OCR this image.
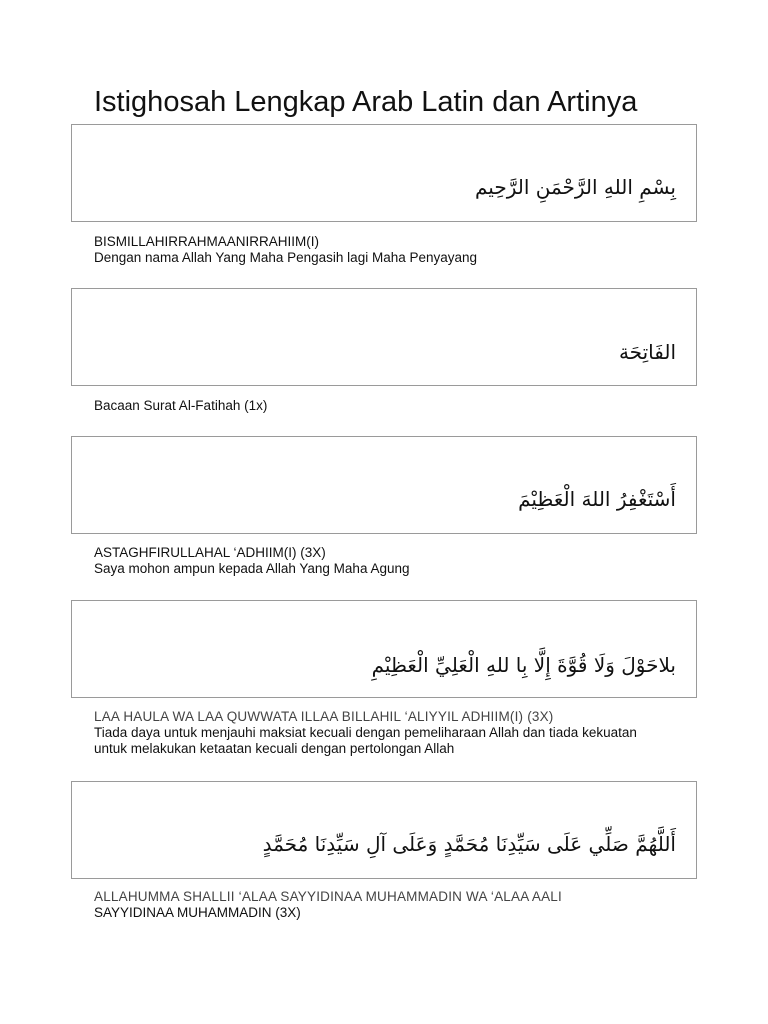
Istighosah Lengkap Arab Latin dan Artinya
بِسْمِ اللهِ الرَّحْمَنِ الرَّحِيم
BISMILLAHIRRAHMAANIRRAHIIM(I)
Dengan nama Allah Yang Maha Pengasih lagi Maha Penyayang
الفَاتِحَة
Bacaan Surat Al-Fatihah (1x)
أَسْتَغْفِرُ اللهَ الْعَظِيْمَ
ASTAGHFIRULLAHAL ‘ADHIIM(I) (3X)
Saya mohon ampun kepada Allah Yang Maha Agung
بلاحَوْلَ وَلَا قُوَّةَ إِلَّا بِا للهِ الْعَلِيِّ الْعَظِيْمِ
LAA HAULA WA LAA QUWWATA ILLAA BILLAHIL ‘ALIYYIL ADHIIM(I) (3X)
Tiada daya untuk menjauhi maksiat kecuali dengan pemeliharaan Allah dan tiada kekuatan untuk melakukan ketaatan kecuali dengan pertolongan Allah
أَللَّهُمَّ صَلِّي عَلَى سَيِّدِنَا مُحَمَّدٍ وَعَلَى آلِ سَيِّدِنَا مُحَمَّدٍ
ALLAHUMMA SHALLII ‘ALAA SAYYIDINAA MUHAMMADIN WA ‘ALAA AALI
SAYYIDINAA MUHAMMADIN (3X)
